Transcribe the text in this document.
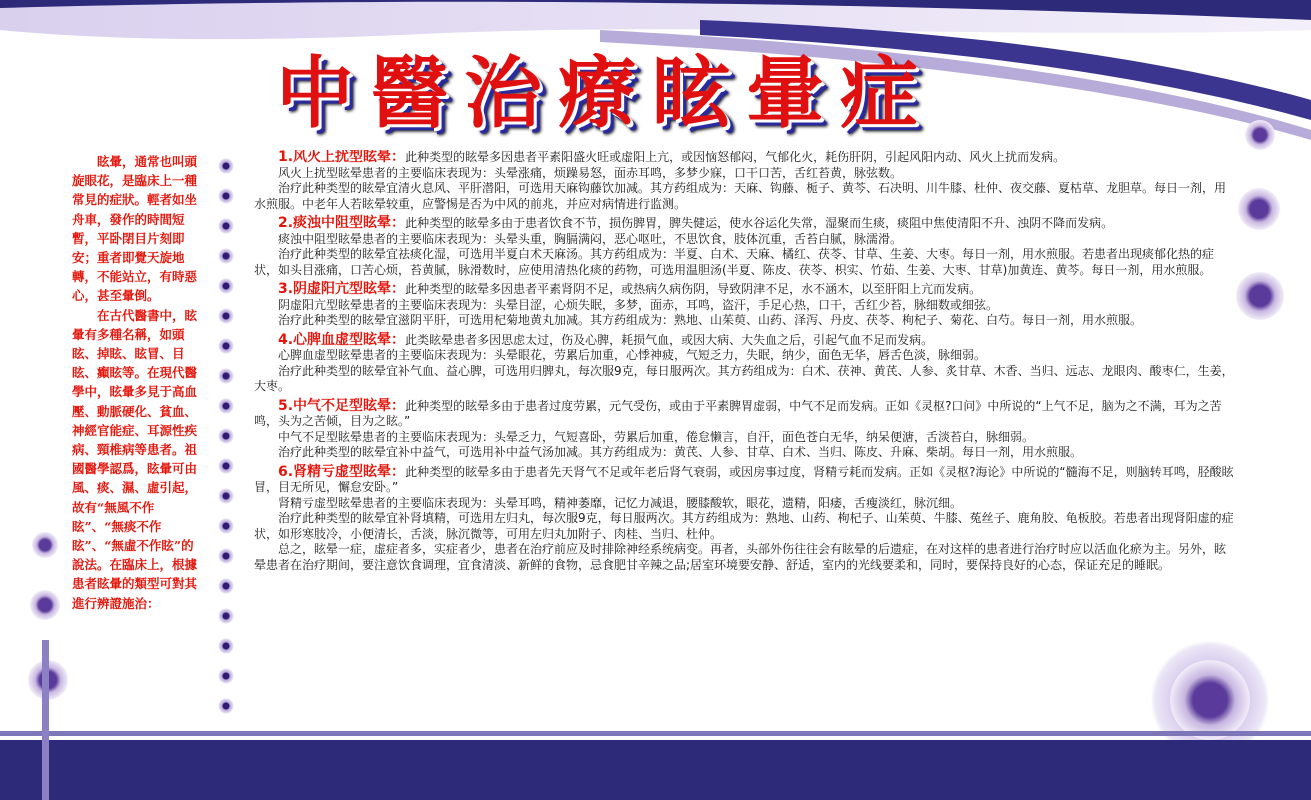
中醫治療眩暈症

眩暈，通常也叫頭旋眼花，是臨床上一種常見的症狀。輕者如坐舟車，發作的時間短暫，平卧閉目片刻即安；重者即覺天旋地轉，不能站立，有時惡心，甚至暈倒。

在古代醫書中，眩暈有多種名稱，如頭眩、掉眩、眩冒、目眩、癲眩等。在現代醫學中，眩暈多見于高血壓、動脈硬化、貧血、神經官能症、耳源性疾病、頸椎病等患者。祖國醫學認爲，眩暈可由風、痰、濕、虛引起，故有“無風不作眩”、“無痰不作眩”、“無虛不作眩”的說法。在臨床上，根據患者眩暈的類型可對其進行辨證施治：

1.风火上扰型眩晕：此种类型的眩晕多因患者平素阳盛火旺或虚阳上亢，或因恼怒郁闷，气郁化火，耗伤肝阴，引起风阳内动、风火上扰而发病。

风火上扰型眩晕患者的主要临床表现为：头晕涨痛，烦躁易怒，面赤耳鸣，多梦少寐，口干口苦，舌红苔黄，脉弦数。

治疗此种类型的眩晕宜清火息风、平肝潜阳，可选用天麻钩藤饮加减。其方药组成为：天麻、钩藤、栀子、黄芩、石决明、川牛膝、杜仲、夜交藤、夏枯草、龙胆草。每日一剂，用水煎服。中老年人若眩晕较重，应警惕是否为中风的前兆，并应对病情进行监测。

2.痰浊中阻型眩晕：此种类型的眩晕多由于患者饮食不节，损伤脾胃，脾失健运，使水谷运化失常，湿聚而生痰，痰阻中焦使清阳不升、浊阴不降而发病。

痰浊中阻型眩晕患者的主要临床表现为：头晕头重，胸膈满闷，恶心呕吐，不思饮食，肢体沉重，舌苔白腻，脉濡滑。

治疗此种类型的眩晕宜祛痰化湿，可选用半夏白术天麻汤。其方药组成为：半夏、白术、天麻、橘红、茯苓、甘草、生姜、大枣。每日一剂，用水煎服。若患者出现痰郁化热的症状，如头目涨痛，口苦心烦，苔黄腻，脉滑数时，应使用清热化痰的药物，可选用温胆汤(半夏、陈皮、茯苓、枳实、竹茹、生姜、大枣、甘草)加黄连、黄芩。每日一剂，用水煎服。

3.阴虚阳亢型眩晕：此种类型的眩晕多因患者平素肾阴不足，或热病久病伤阴，导致阴津不足，水不涵木，以至肝阳上亢而发病。

阴虚阳亢型眩晕患者的主要临床表现为：头晕目涩，心烦失眠，多梦，面赤，耳鸣，盗汗，手足心热，口干，舌红少苔，脉细数或细弦。

治疗此种类型的眩晕宜滋阴平肝，可选用杞菊地黄丸加减。其方药组成为：熟地、山茱萸、山药、泽泻、丹皮、茯苓、枸杞子、菊花、白芍。每日一剂，用水煎服。

4.心脾血虚型眩晕：此类眩晕患者多因思虑太过，伤及心脾，耗损气血，或因大病、大失血之后，引起气血不足而发病。

心脾血虚型眩晕患者的主要临床表现为：头晕眼花，劳累后加重，心悸神疲，气短乏力，失眠，纳少，面色无华，唇舌色淡，脉细弱。

治疗此种类型的眩晕宜补气血、益心脾，可选用归脾丸，每次服9克，每日服两次。其方药组成为：白术、茯神、黄芪、人参、炙甘草、木香、当归、远志、龙眼肉、酸枣仁，生姜，大枣。

5.中气不足型眩晕：此种类型的眩晕多由于患者过度劳累，元气受伤，或由于平素脾胃虚弱，中气不足而发病。正如《灵枢?口问》中所说的“上气不足，脑为之不满，耳为之苦鸣，头为之苦倾，目为之眩。”

中气不足型眩晕患者的主要临床表现为：头晕乏力，气短喜卧，劳累后加重，倦怠懒言，自汗，面色苍白无华，纳呆便溏，舌淡苔白，脉细弱。

治疗此种类型的眩晕宜补中益气，可选用补中益气汤加减。其方药组成为：黄芪、人参、甘草、白术、当归、陈皮、升麻、柴胡。每日一剂，用水煎服。

6.肾精亏虚型眩晕：此种类型的眩晕多由于患者先天肾气不足或年老后肾气衰弱，或因房事过度，肾精亏耗而发病。正如《灵枢?海论》中所说的“髓海不足，则脑转耳鸣，胫酸眩冒，目无所见，懈怠安卧。”

肾精亏虚型眩晕患者的主要临床表现为：头晕耳鸣，精神萎靡，记忆力减退，腰膝酸软，眼花，遗精，阳痿，舌瘦淡红，脉沉细。

治疗此种类型的眩晕宜补肾填精，可选用左归丸，每次服9克，每日服两次。其方药组成为：熟地、山药、枸杞子、山茱萸、牛膝、菟丝子、鹿角胶、龟板胶。若患者出现肾阳虚的症状，如形寒肢冷，小便清长，舌淡，脉沉微等，可用左归丸加附子、肉桂、当归、杜仲。

总之，眩晕一症，虚症者多，实症者少，患者在治疗前应及时排除神经系统病变。再者，头部外伤往往会有眩晕的后遗症，在对这样的患者进行治疗时应以活血化瘀为主。另外，眩晕患者在治疗期间，要注意饮食调理，宜食清淡、新鲜的食物，忌食肥甘辛辣之品;居室环境要安静、舒适，室内的光线要柔和，同时，要保持良好的心态，保证充足的睡眠。
